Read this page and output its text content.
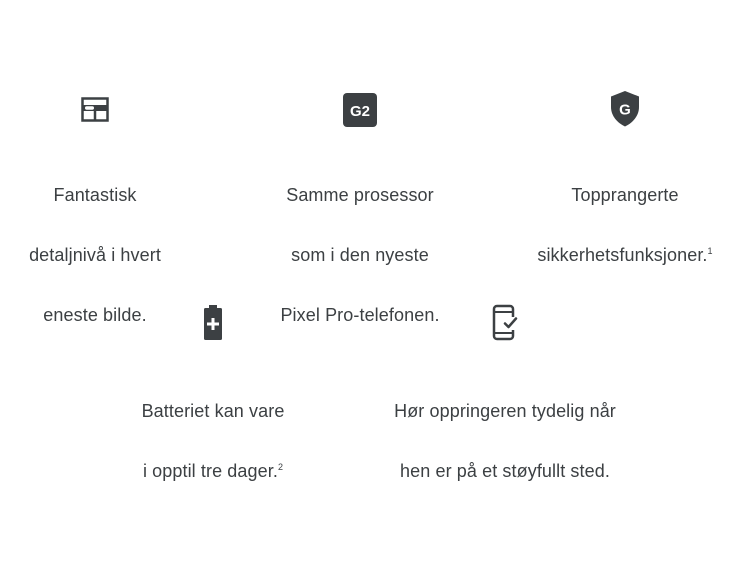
Fantastisk

detaljnivå i hvert

eneste bilde.

G2

Samme prosessor

som i den nyeste

Pixel Pro-telefonen.

G

Topprangerte

sikkerhetsfunksjoner.$^1$

Batteriet kan vare

i opptil tre dager.$^2$

Hør oppringeren tydelig når

hen er på et støyfullt sted.
